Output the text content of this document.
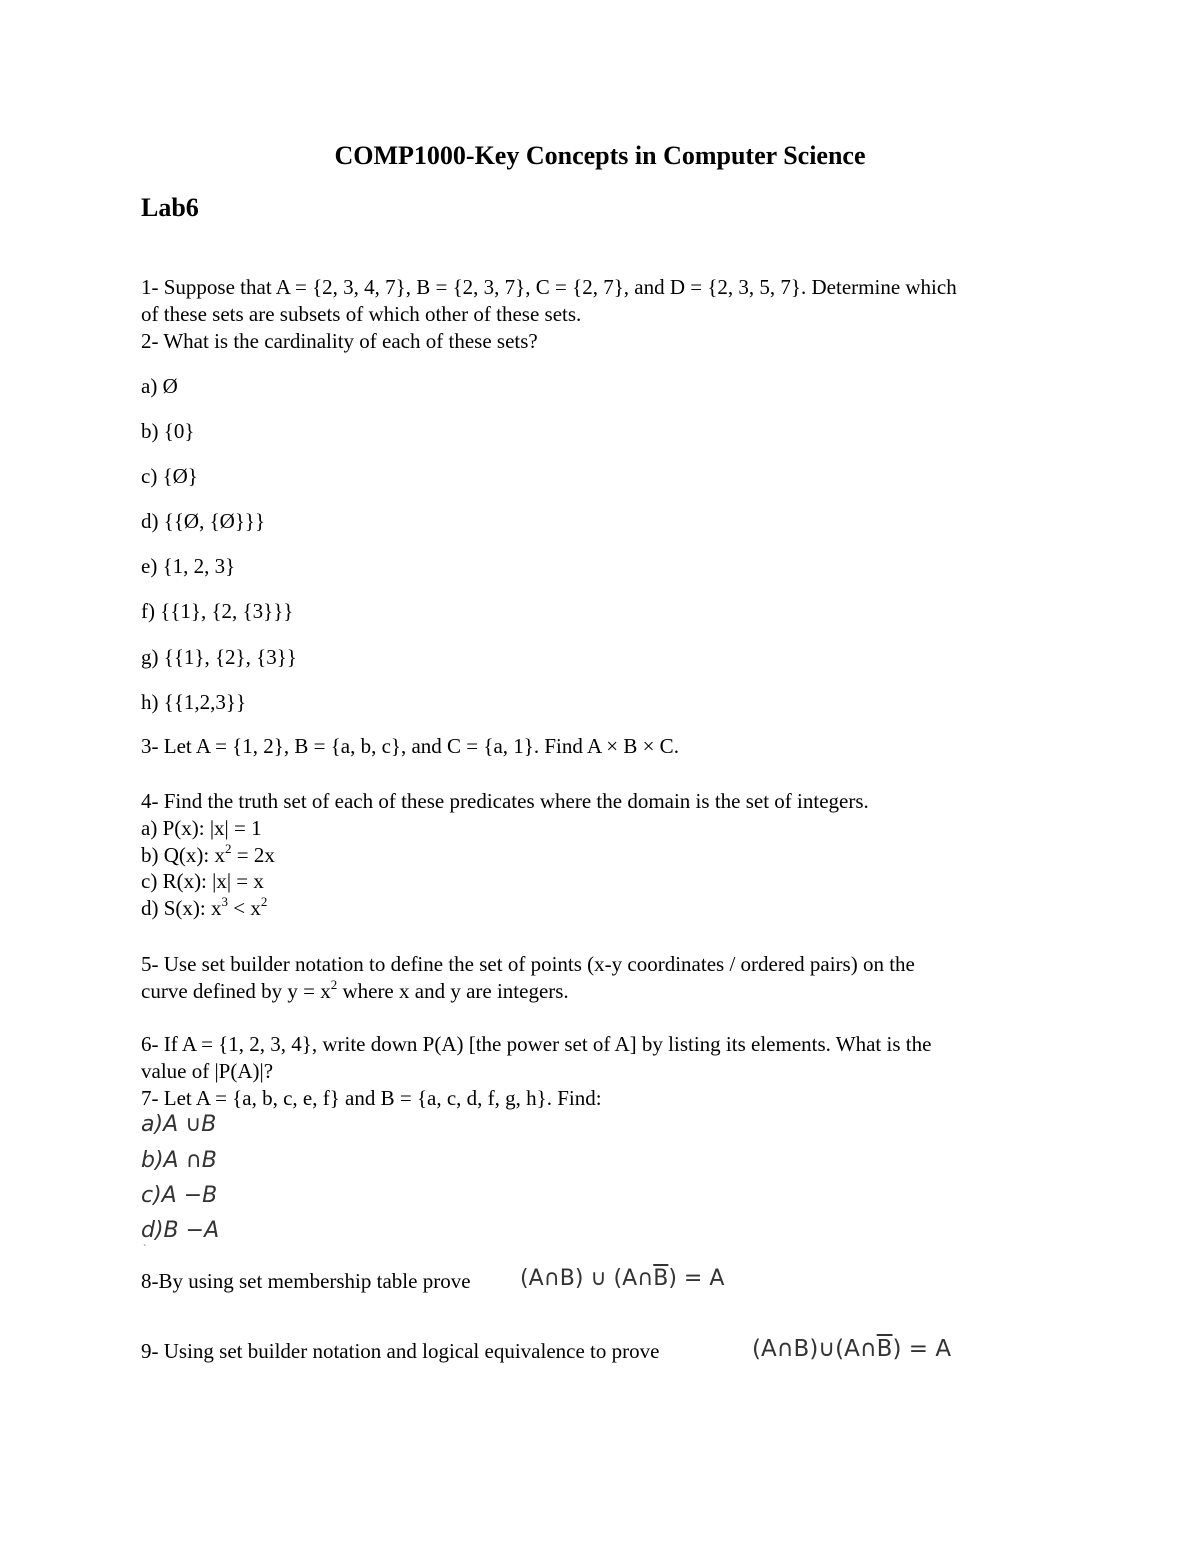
COMP1000-Key Concepts in Computer Science
Lab6
1- Suppose that A = {2, 3, 4, 7}, B = {2, 3, 7}, C = {2, 7}, and D = {2, 3, 5, 7}. Determine which
of these sets are subsets of which other of these sets.
2- What is the cardinality of each of these sets?
a) Ø
b) {0}
c) {Ø}
d) {{Ø, {Ø}}}
e) {1, 2, 3}
f) {{1}, {2, {3}}}
g) {{1}, {2}, {3}}
h) {{1,2,3}}
3- Let A = {1, 2}, B = {a, b, c}, and C = {a, 1}. Find A × B × C.
4- Find the truth set of each of these predicates where the domain is the set of integers.
a) P(x): |x| = 1
b) Q(x): $x^2 = 2x$
c) R(x): |x| = x
d) S(x): $x^3 < x^2$
5- Use set builder notation to define the set of points (x-y coordinates / ordered pairs) on the
curve defined by $y = x^2$ where x and y are integers.
6- If A = {1, 2, 3, 4}, write down P(A) [the power set of A] by listing its elements. What is the
value of |P(A)|?
7- Let A = {a, b, c, e, f} and B = {a, c, d, f, g, h}. Find:
a)A ∪B
b)A ∩B
c)A −B
d)B −A
`
8-By using set membership table prove (A∩B) ∪ $(A\cap\overline{B}) = A$
9- Using set builder notation and logical equivalence to prove	$(A\cap B)\cup(A\cap\overline{B}) = A$
